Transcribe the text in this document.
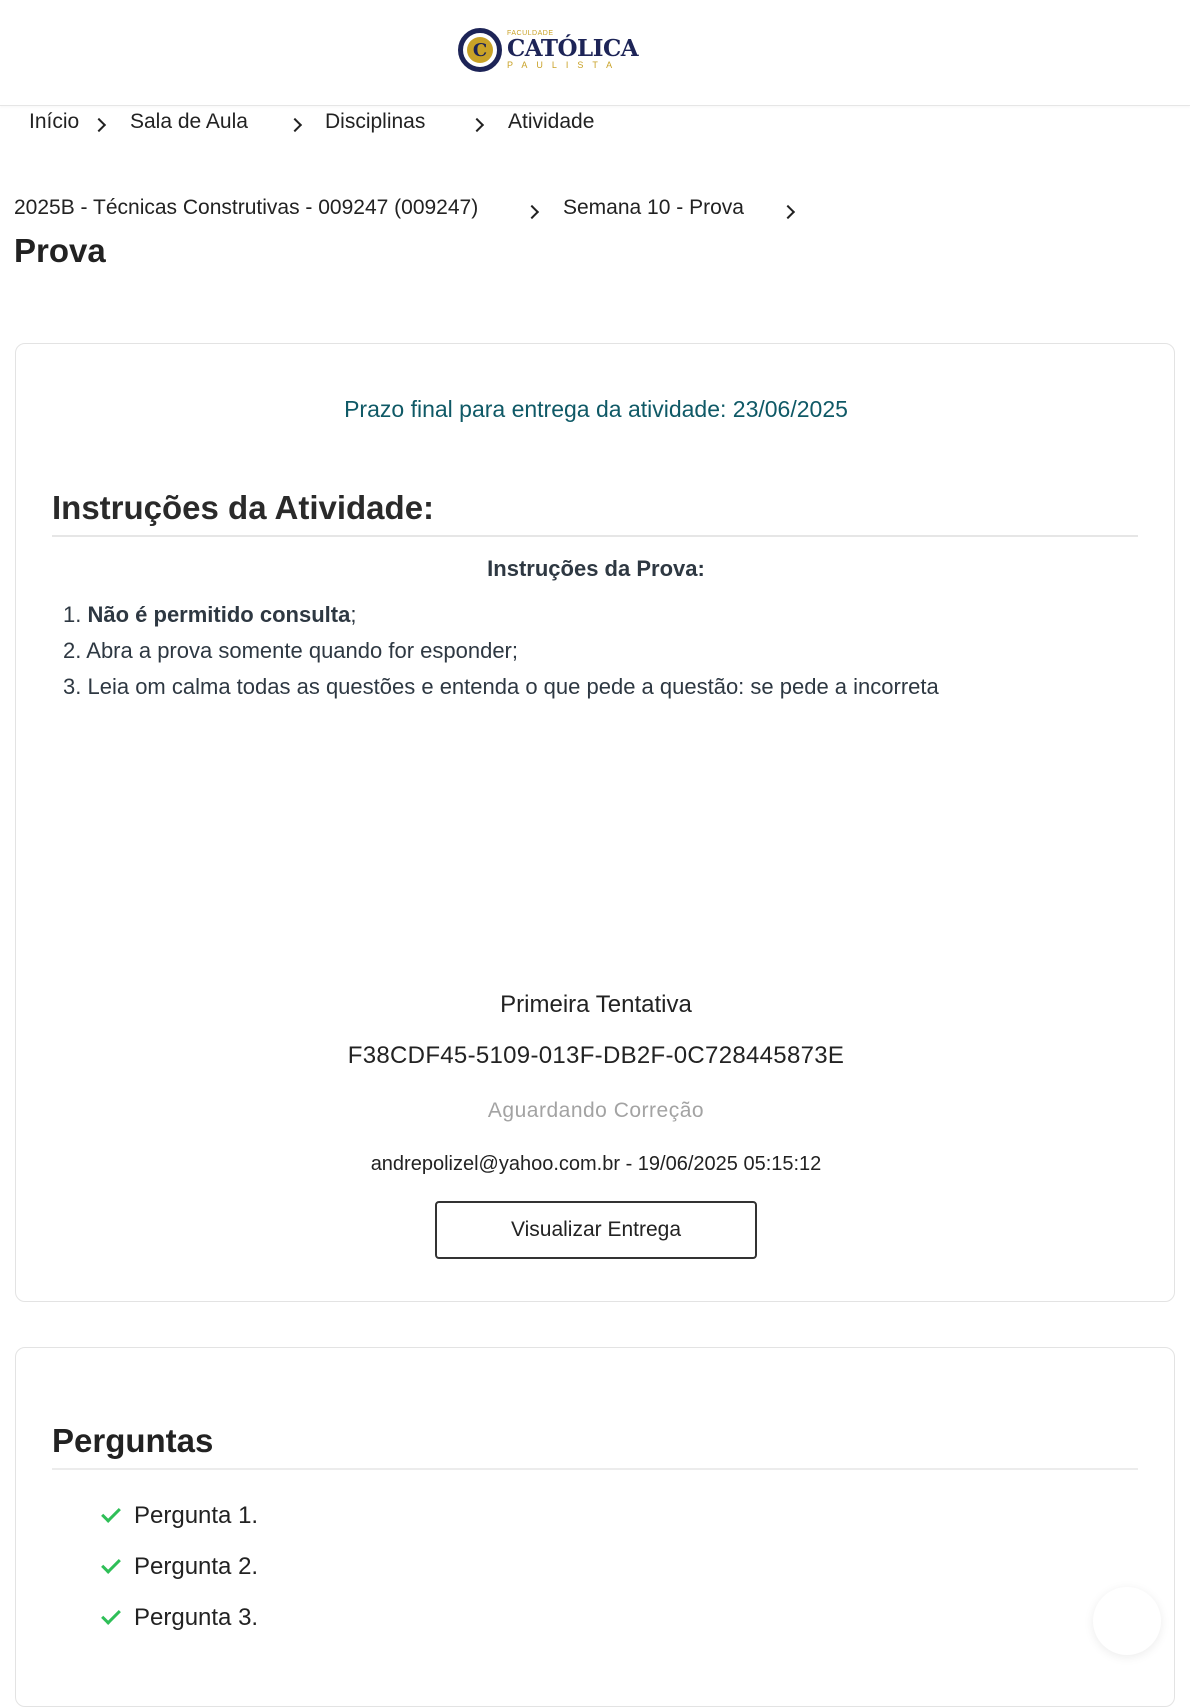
C
FACULDADE
CATÓLICA
PAULISTA
Início Sala de Aula	Disciplinas	Atividade
2025B - Técnicas Construtivas - 009247 (009247)	Semana 10 - Prova
Prova
Prazo final para entrega da atividade: 23/06/2025
Instruções da Atividade:
Instruções da Prova:
1. Não é permitido consulta;
2. Abra a prova somente quando for esponder;
3. Leia om calma todas as questões e entenda o que pede a questão: se pede a incorreta
Primeira Tentativa
F38CDF45-5109-013F-DB2F-0C728445873E
Aguardando Correção
andrepolizel@yahoo.com.br - 19/06/2025 05:15:12
Visualizar Entrega
Perguntas
Pergunta 1.
Pergunta 2.
Pergunta 3.
